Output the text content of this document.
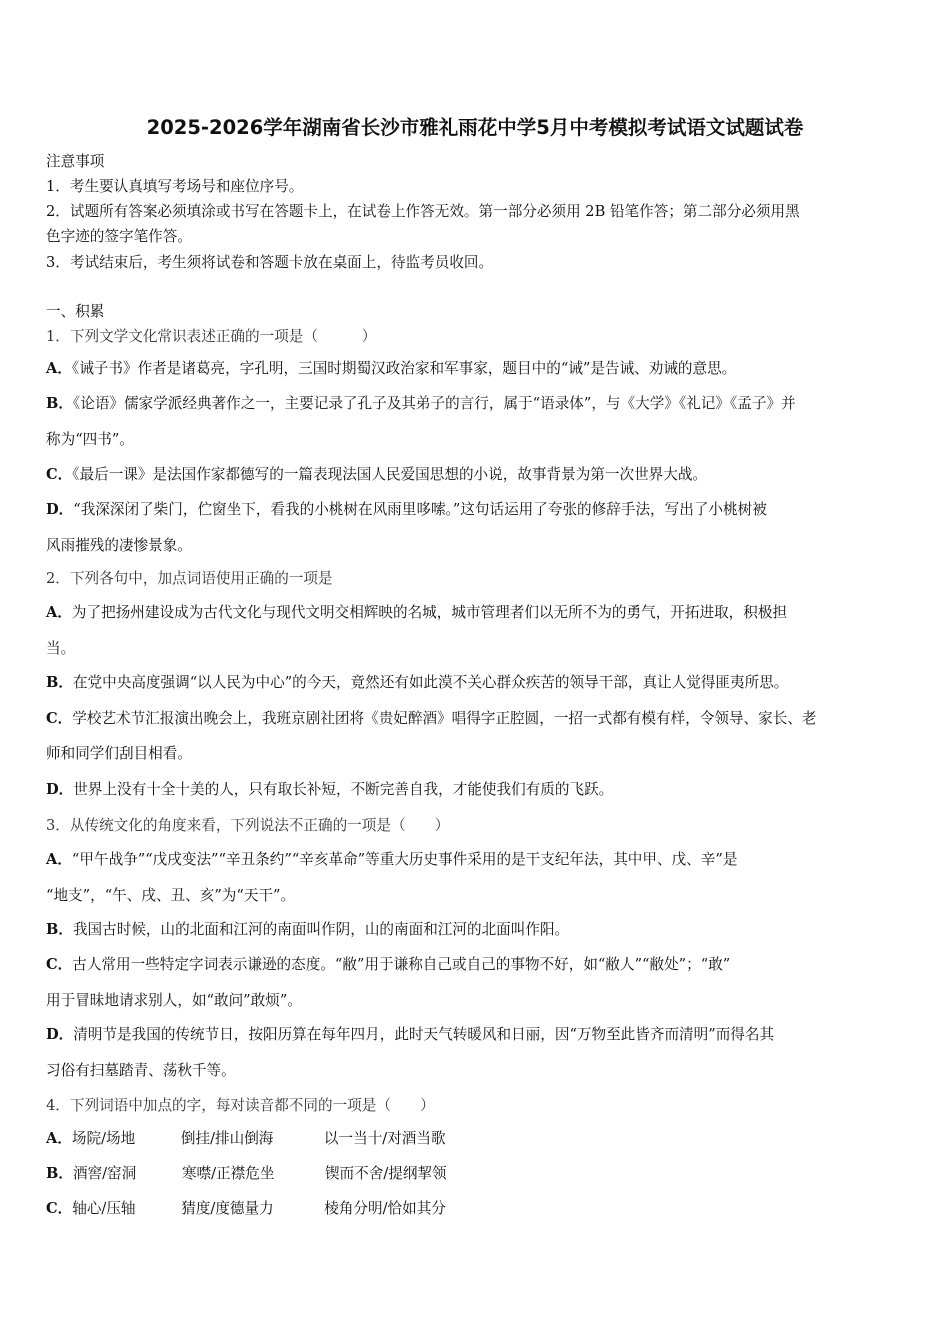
2025-2026学年湖南省长沙市雅礼雨花中学5月中考模拟考试语文试题试卷
注意事项
1．考生要认真填写考场号和座位序号。
2．试题所有答案必须填涂或书写在答题卡上，在试卷上作答无效。第一部分必须用 2B 铅笔作答；第二部分必须用黑
色字迹的签字笔作答。
3．考试结束后，考生须将试卷和答题卡放在桌面上，待监考员收回。
一、积累
1．下列文学文化常识表述正确的一项是（　　　）
A．《诫子书》作者是诸葛亮，字孔明，三国时期蜀汉政治家和军事家，题目中的“诫”是告诫、劝诫的意思。
B．《论语》儒家学派经典著作之一，主要记录了孔子及其弟子的言行，属于“语录体”，与《大学》《礼记》《孟子》并
称为“四书”。
C．《最后一课》是法国作家都德写的一篇表现法国人民爱国思想的小说，故事背景为第一次世界大战。
D．“我深深闭了柴门，伫窗坐下，看我的小桃树在风雨里哆嗦。”这句话运用了夸张的修辞手法，写出了小桃树被
风雨摧残的凄惨景象。
2．下列各句中，加点词语使用正确的一项是
A．为了把扬州建设成为古代文化与现代文明交相辉映的名城，城市管理者们以无所不为的勇气，开拓进取，积极担
当。
B．在党中央高度强调“以人民为中心”的今天，竟然还有如此漠不关心群众疾苦的领导干部，真让人觉得匪夷所思。
C．学校艺术节汇报演出晚会上，我班京剧社团将《贵妃醉酒》唱得字正腔圆，一招一式都有模有样，令领导、家长、老
师和同学们刮目相看。
D．世界上没有十全十美的人，只有取长补短，不断完善自我，才能使我们有质的飞跃。
3．从传统文化的角度来看，下列说法不正确的一项是（　　）
A．“甲午战争”“戊戌变法”“辛丑条约”“辛亥革命”等重大历史事件采用的是干支纪年法，其中甲、戊、辛”是
“地支”，“午、戌、丑、亥”为“天干”。
B．我国古时候，山的北面和江河的南面叫作阴，山的南面和江河的北面叫作阳。
C．古人常用一些特定字词表示谦逊的态度。“敝”用于谦称自己或自己的事物不好，如“敝人”“敝处”；“敢”
用于冒昧地请求别人，如“敢问”敢烦”。
D．清明节是我国的传统节日，按阳历算在每年四月，此时天气转暖风和日丽，因“万物至此皆齐而清明”而得名其
习俗有扫墓踏青、荡秋千等。
4．下列词语中加点的字，每对读音都不同的一项是（　　）
A．场院/场地	倒挂/排山倒海	以一当十/对酒当歌
B．酒窖/窑洞	寒噤/正襟危坐	锲而不舍/提纲挈领
C．轴心/压轴	猜度/度德量力	棱角分明/恰如其分
